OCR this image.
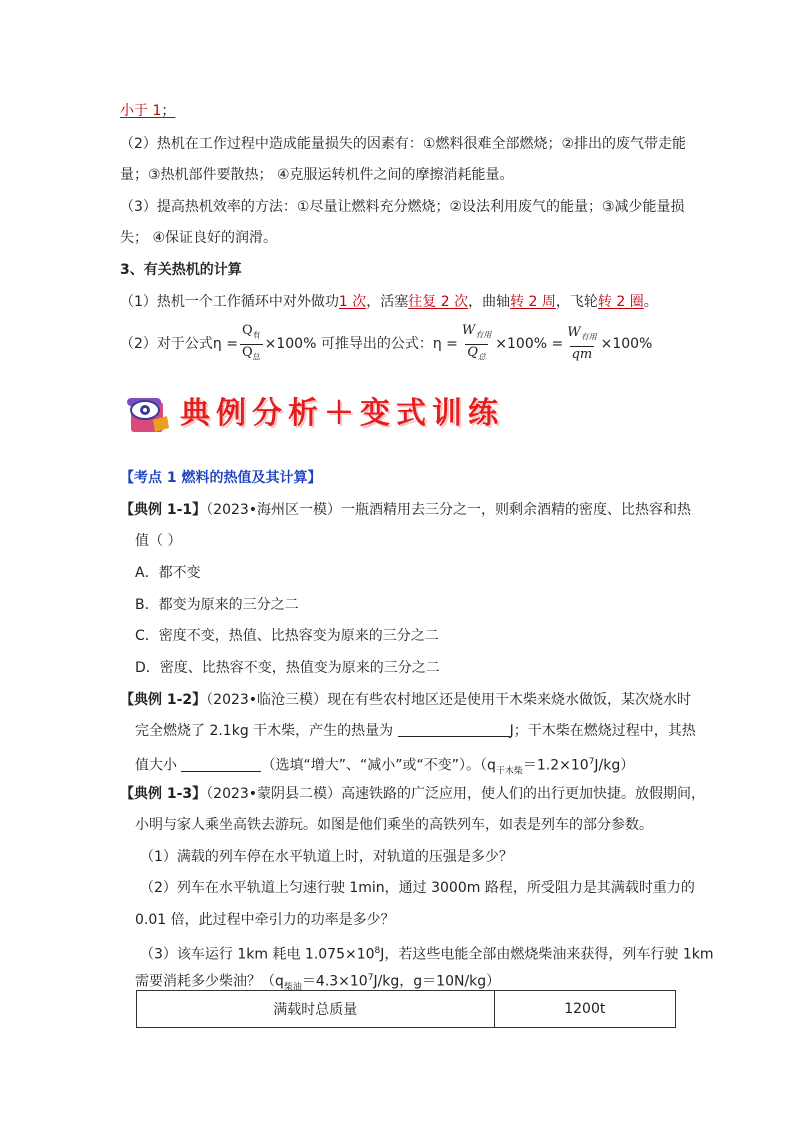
小于 1；
（2）热机在工作过程中造成能量损失的因素有：①燃料很难全部燃烧；②排出的废气带走能
量；③热机部件要散热； ④克服运转机件之间的摩擦消耗能量。
（3）提高热机效率的方法：①尽量让燃料充分燃烧；②设法利用废气的能量；③减少能量损
失； ④保证良好的润滑。
3、有关热机的计算
（1）热机一个工作循环中对外做功1 次，活塞往复 2 次，曲轴转 2 周，飞轮转 2 圈。
（2）对于公式$\eta = \frac{Q_有}{Q_总} \times 100\%$ 可推导出的公式：$\eta = \frac{W_{有用}}{Q_总} \times 100\% = \frac{W_{有用}}{qm} \times 100\%$
典例分析＋变式训练
【考点 1 燃料的热值及其计算】
【典例 1-1】（2023•海州区一模）一瓶酒精用去三分之一，则剩余酒精的密度、比热容和热
值（ ）
A．都不变
B．都变为原来的三分之二
C．密度不变，热值、比热容变为原来的三分之二
D．密度、比热容不变，热值变为原来的三分之二
【典例 1-2】（2023•临沧三模）现在有些农村地区还是使用干木柴来烧水做饭，某次烧水时
完全燃烧了 2.1kg 干木柴，产生的热量为	J；干木柴在燃烧过程中，其热
值大小	（选填“增大”、“减小”或“不变”）。$(q_{干木柴}=1.2\times 10^7J/kg)$
【典例 1-3】（2023•蒙阴县二模）高速铁路的广泛应用，使人们的出行更加快捷。放假期间，
小明与家人乘坐高铁去游玩。如图是他们乘坐的高铁列车，如表是列车的部分参数。
（1）满载的列车停在水平轨道上时，对轨道的压强是多少？
（2）列车在水平轨道上匀速行驶 1min，通过 3000m 路程，所受阻力是其满载时重力的
0.01 倍，此过程中牵引力的功率是多少？
（3）该车运行 1km 耗电 $1.075\times 10^8J$，若这些电能全部由燃烧柴油来获得，列车行驶 1km
需要消耗多少柴油？（$q_{柴油}=4.3\times 10^7J/kg$，g＝10N/kg）
满载时总质量	1200t
